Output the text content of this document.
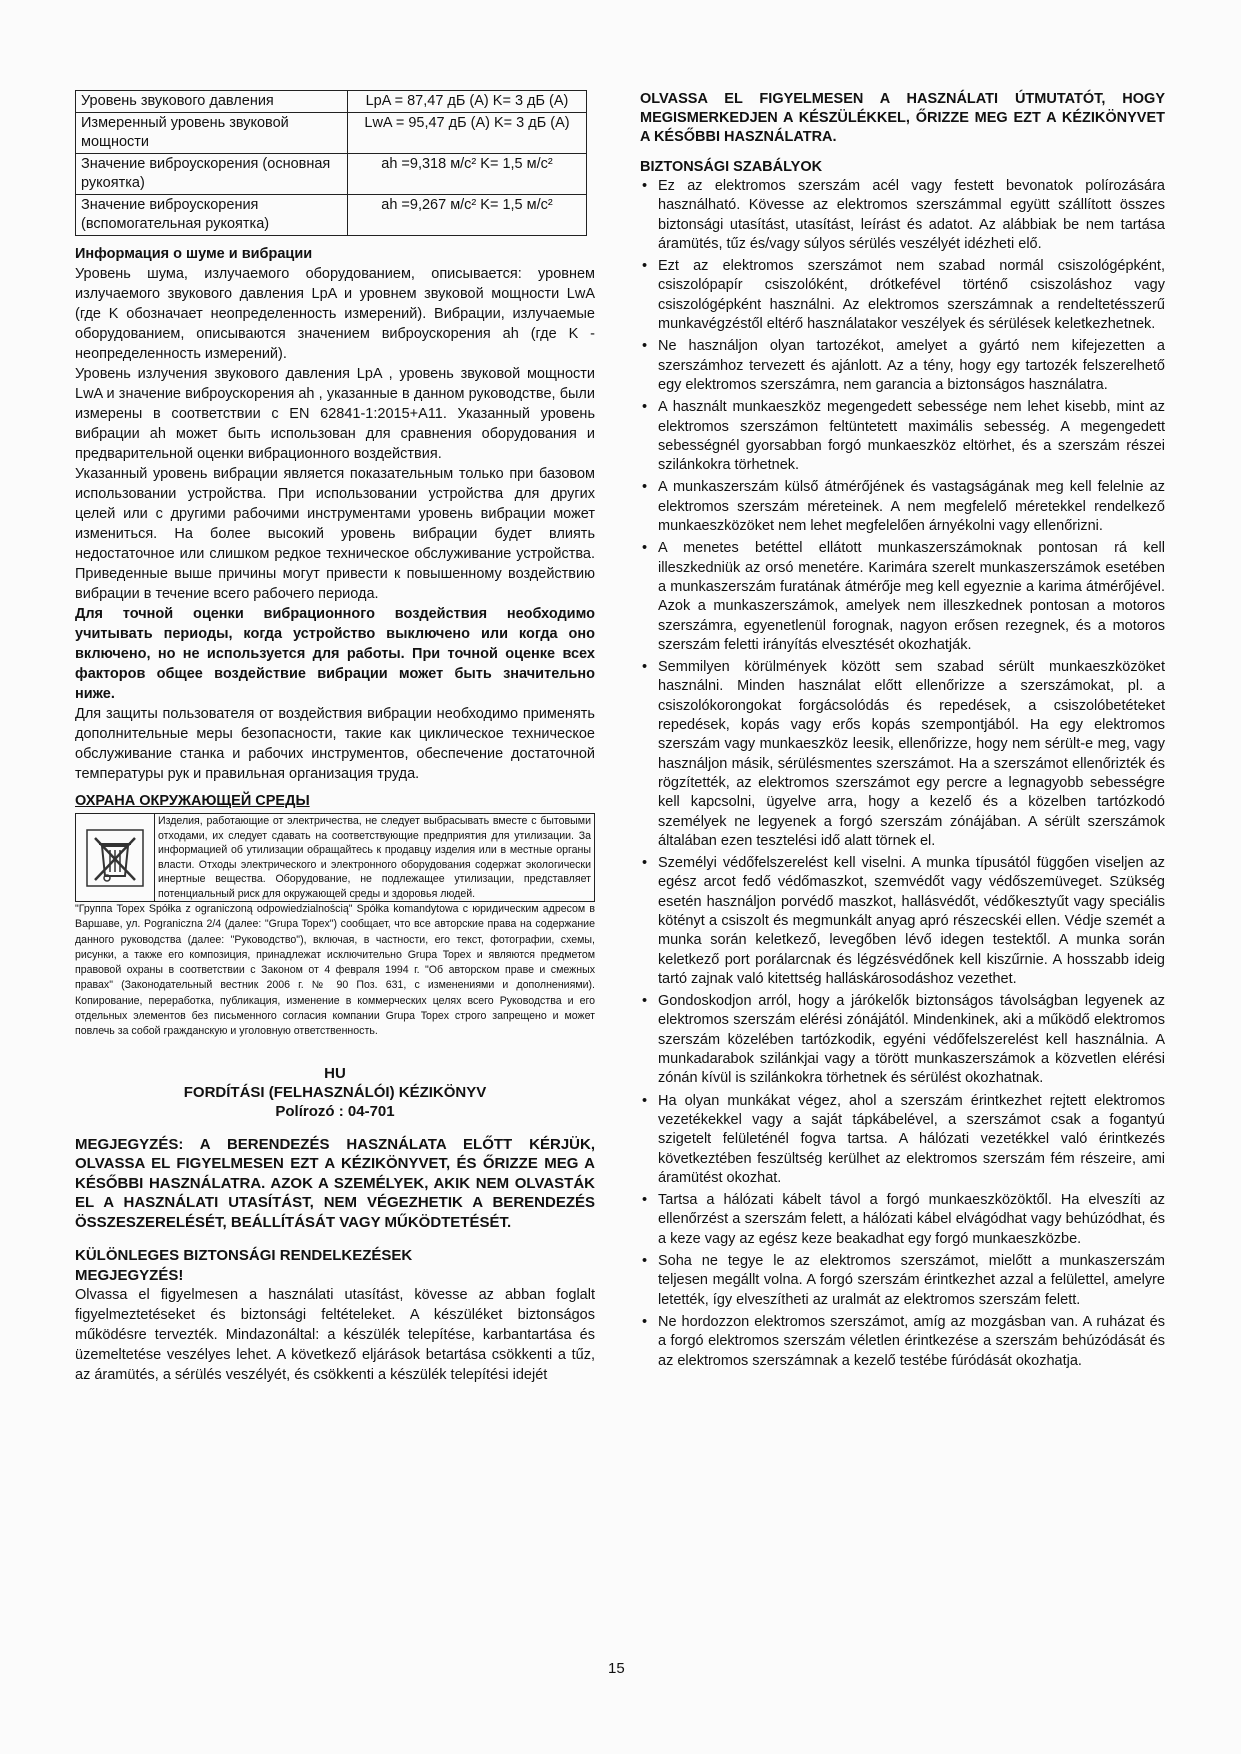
Уровень звукового давления	LpA = 87,47 дБ (A) K= 3 дБ (A)
Измеренный уровень звуковой мощности	LwA = 95,47 дБ (A) K= 3 дБ (A)
Значение виброускорения (основная рукоятка)	ah =9,318 м/с² K= 1,5 м/с²
Значение виброускорения (вспомогательная рукоятка)	ah =9,267 м/с² K= 1,5 м/с²
Информация о шуме и вибрации

Уровень шума, излучаемого оборудованием, описывается: уровнем излучаемого звукового давления LpA и уровнем звуковой мощности LwA (где K обозначает неопределенность измерений). Вибрации, излучаемые оборудованием, описываются значением виброускорения ah (где K - неопределенность измерений).

Уровень излучения звукового давления LpA , уровень звуковой мощности LwA и значение виброускорения ah , указанные в данном руководстве, были измерены в соответствии с EN 62841-1:2015+A11. Указанный уровень вибрации ah может быть использован для сравнения оборудования и предварительной оценки вибрационного воздействия.

Указанный уровень вибрации является показательным только при базовом использовании устройства. При использовании устройства для других целей или с другими рабочими инструментами уровень вибрации может измениться. На более высокий уровень вибрации будет влиять недостаточное или слишком редкое техническое обслуживание устройства. Приведенные выше причины могут привести к повышенному воздействию вибрации в течение всего рабочего периода.

Для точной оценки вибрационного воздействия необходимо учитывать периоды, когда устройство выключено или когда оно включено, но не используется для работы. При точной оценке всех факторов общее воздействие вибрации может быть значительно ниже.

Для защиты пользователя от воздействия вибрации необходимо применять дополнительные меры безопасности, такие как циклическое техническое обслуживание станка и рабочих инструментов, обеспечение достаточной температуры рук и правильная организация труда.

ОХРАНА ОКРУЖАЮЩЕЙ СРЕДЫ
Изделия, работающие от электричества, не следует выбрасывать вместе с бытовыми отходами, их следует сдавать на соответствующие предприятия для утилизации. За информацией об утилизации обращайтесь к продавцу изделия или в местные органы власти. Отходы электрического и электронного оборудования содержат экологически инертные вещества. Оборудование, не подлежащее утилизации, представляет потенциальный риск для окружающей среды и здоровья людей.

"Группа Topex Spółka z ograniczoną odpowiedzialnością" Spółka komandytowa с юридическим адресом в Варшаве, ул. Pograniczna 2/4 (далее: "Grupa Topex") сообщает, что все авторские права на содержание данного руководства (далее: "Руководство"), включая, в частности, его текст, фотографии, схемы, рисунки, а также его композиция, принадлежат исключительно Grupa Topex и являются предметом правовой охраны в соответствии с Законом от 4 февраля 1994 г. "Об авторском праве и смежных правах" (Законодательный вестник 2006 г. № 90 Поз. 631, с изменениями и дополнениями). Копирование, переработка, публикация, изменение в коммерческих целях всего Руководства и его отдельных элементов без письменного согласия компании Grupa Topex строго запрещено и может повлечь за собой гражданскую и уголовную ответственность.

HU
FORDÍTÁSI (FELHASZNÁLÓI) KÉZIKÖNYV
Polírozó : 04-701

MEGJEGYZÉS: A BERENDEZÉS HASZNÁLATA ELŐTT KÉRJÜK, OLVASSA EL FIGYELMESEN EZT A KÉZIKÖNYVET, ÉS ŐRIZZE MEG A KÉSŐBBI HASZNÁLATRA. AZOK A SZEMÉLYEK, AKIK NEM OLVASTÁK EL A HASZNÁLATI UTASÍTÁST, NEM VÉGEZHETIK A BERENDEZÉS ÖSSZESZERELÉSÉT, BEÁLLÍTÁSÁT VAGY MŰKÖDTETÉSÉT.

KÜLÖNLEGES BIZTONSÁGI RENDELKEZÉSEK
MEGJEGYZÉS!

Olvassa el figyelmesen a használati utasítást, kövesse az abban foglalt figyelmeztetéseket és biztonsági feltételeket. A készüléket biztonságos működésre tervezték. Mindazonáltal: a készülék telepítése, karbantartása és üzemeltetése veszélyes lehet. A következő eljárások betartása csökkenti a tűz, az áramütés, a sérülés veszélyét, és csökkenti a készülék telepítési idejét

OLVASSA EL FIGYELMESEN A HASZNÁLATI ÚTMUTATÓT, HOGY MEGISMERKEDJEN A KÉSZÜLÉKKEL, ŐRIZZE MEG EZT A KÉZIKÖNYVET A KÉSŐBBI HASZNÁLATRA.

BIZTONSÁGI SZABÁLYOK
• Ez az elektromos szerszám acél vagy festett bevonatok polírozására használható. Kövesse az elektromos szerszámmal együtt szállított összes biztonsági utasítást, utasítást, leírást és adatot. Az alábbiak be nem tartása áramütés, tűz és/vagy súlyos sérülés veszélyét idézheti elő.
• Ezt az elektromos szerszámot nem szabad normál csiszológépként, csiszolópapír csiszolóként, drótkefével történő csiszoláshoz vagy csiszológépként használni. Az elektromos szerszámnak a rendeltetésszerű munkavégzéstől eltérő használatakor veszélyek és sérülések keletkezhetnek.
• Ne használjon olyan tartozékot, amelyet a gyártó nem kifejezetten a szerszámhoz tervezett és ajánlott. Az a tény, hogy egy tartozék felszerelhető egy elektromos szerszámra, nem garancia a biztonságos használatra.
• A használt munkaeszköz megengedett sebessége nem lehet kisebb, mint az elektromos szerszámon feltüntetett maximális sebesség. A megengedett sebességnél gyorsabban forgó munkaeszköz eltörhet, és a szerszám részei szilánkokra törhetnek.
• A munkaszerszám külső átmérőjének és vastagságának meg kell felelnie az elektromos szerszám méreteinek. A nem megfelelő méretekkel rendelkező munkaeszközöket nem lehet megfelelően árnyékolni vagy ellenőrizni.
• A menetes betéttel ellátott munkaszerszámoknak pontosan rá kell illeszkedniük az orsó menetére. Karimára szerelt munkaszerszámok esetében a munkaszerszám furatának átmérője meg kell egyeznie a karima átmérőjével. Azok a munkaszerszámok, amelyek nem illeszkednek pontosan a motoros szerszámra, egyenetlenül forognak, nagyon erősen rezegnek, és a motoros szerszám feletti irányítás elvesztését okozhatják.
• Semmilyen körülmények között sem szabad sérült munkaeszközöket használni. Minden használat előtt ellenőrizze a szerszámokat, pl. a csiszolókorongokat forgácsolódás és repedések, a csiszolóbetéteket repedések, kopás vagy erős kopás szempontjából. Ha egy elektromos szerszám vagy munkaeszköz leesik, ellenőrizze, hogy nem sérült-e meg, vagy használjon másik, sérülésmentes szerszámot. Ha a szerszámot ellenőrizték és rögzítették, az elektromos szerszámot egy percre a legnagyobb sebességre kell kapcsolni, ügyelve arra, hogy a kezelő és a közelben tartózkodó személyek ne legyenek a forgó szerszám zónájában. A sérült szerszámok általában ezen tesztelési idő alatt törnek el.
• Személyi védőfelszerelést kell viselni. A munka típusától függően viseljen az egész arcot fedő védőmaszkot, szemvédőt vagy védőszemüveget. Szükség esetén használjon porvédő maszkot, hallásvédőt, védőkesztyűt vagy speciális kötényt a csiszolt és megmunkált anyag apró részecskéi ellen. Védje szemét a munka során keletkező, levegőben lévő idegen testektől. A munka során keletkező port porálarcnak és légzésvédőnek kell kiszűrnie. A hosszabb ideig tartó zajnak való kitettség halláskárosodáshoz vezethet.
• Gondoskodjon arról, hogy a járókelők biztonságos távolságban legyenek az elektromos szerszám elérési zónájától. Mindenkinek, aki a működő elektromos szerszám közelében tartózkodik, egyéni védőfelszerelést kell használnia. A munkadarabok szilánkjai vagy a törött munkaszerszámok a közvetlen elérési zónán kívül is szilánkokra törhetnek és sérülést okozhatnak.
• Ha olyan munkákat végez, ahol a szerszám érintkezhet rejtett elektromos vezetékekkel vagy a saját tápkábelével, a szerszámot csak a fogantyú szigetelt felületénél fogva tartsa. A hálózati vezetékkel való érintkezés következtében feszültség kerülhet az elektromos szerszám fém részeire, ami áramütést okozhat.
• Tartsa a hálózati kábelt távol a forgó munkaeszközöktől. Ha elveszíti az ellenőrzést a szerszám felett, a hálózati kábel elvágódhat vagy behúzódhat, és a keze vagy az egész keze beakadhat egy forgó munkaeszközbe.
• Soha ne tegye le az elektromos szerszámot, mielőtt a munkaszerszám teljesen megállt volna. A forgó szerszám érintkezhet azzal a felülettel, amelyre letették, így elveszítheti az uralmát az elektromos szerszám felett.
• Ne hordozzon elektromos szerszámot, amíg az mozgásban van. A ruházat és a forgó elektromos szerszám véletlen érintkezése a szerszám behúzódását és az elektromos szerszámnak a kezelő testébe fúródását okozhatja.
15
